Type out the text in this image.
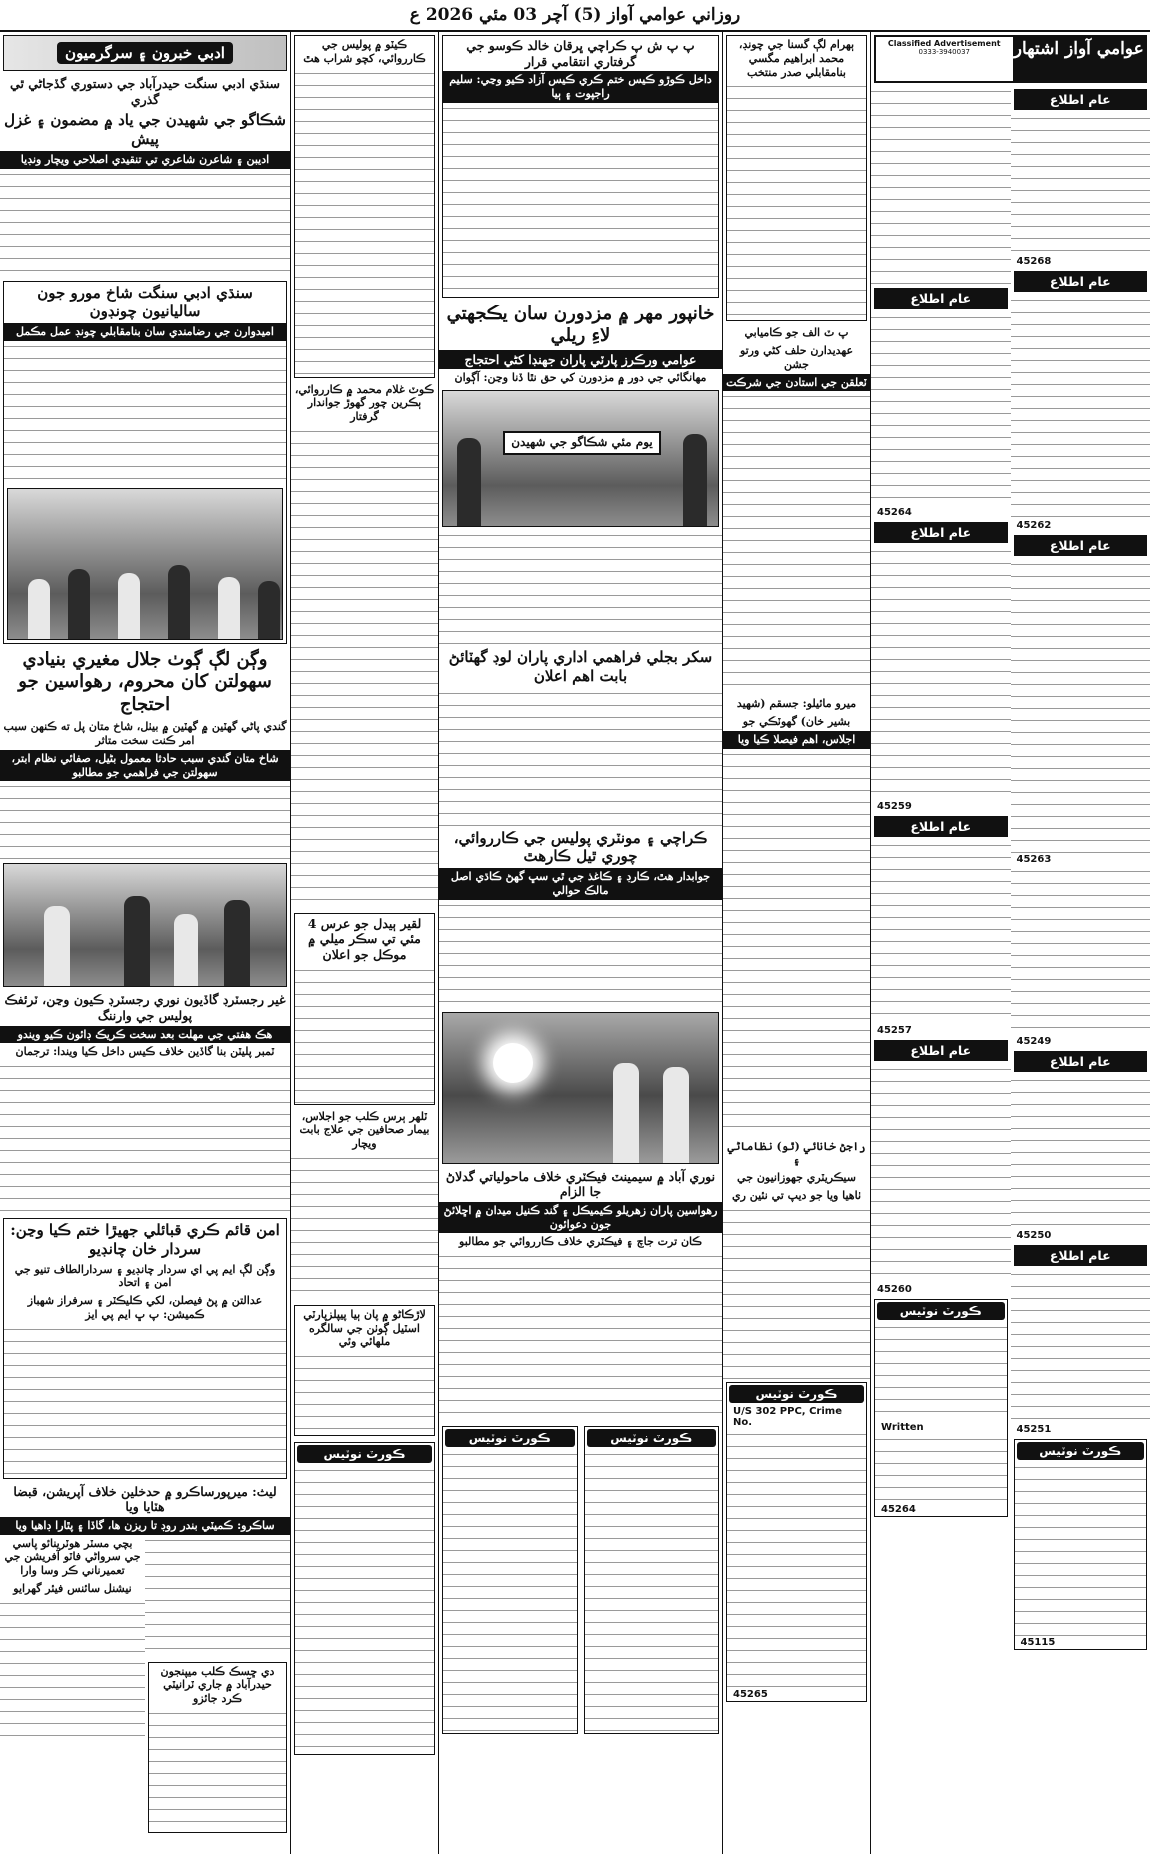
روزاني عوامي آواز (5) آچر 03 مئي 2026 ع
ادبي خبرون ۽ سرگرميون
سنڌي ادبي سنگت حيدرآباد جي دستوري گڏجاڻي ٿي گذري
شڪاگو جي شهيدن جي ياد ۾ مضمون ۽ غزل پيش
اديبن ۽ شاعرن شاعري تي تنقيدي اصلاحي ويچار ونڊيا
سنڌي ادبي سنگت شاخ مورو جون ساليانيون چونڊون
اميدوارن جي رضامندي سان بنامقابلي چونڊ عمل مڪمل
وڳن لڳ ڳوٺ جلال مغيري بنيادي سهولتن کان محروم، رهواسين جو احتجاج
گندي پاڻي گهٽين ۾ گهٽين ۾ بيٺل، شاخ متان پل ته ڪنهن سبب امر ڪنت سخت متاثر
شاخ متان گندي سبب حادثا معمول بڻيل، صفائي نظام ابتر، سهولتن جي فراهمي جو مطالبو
غير رجسٽرڊ گاڏيون نوري رجسٽرڊ ڪيون وڃن، ٽرئفڪ پوليس جي وارننگ
هڪ هفتي جي مهلت بعد سخت ڪريڪ ڊائون ڪيو ويندو
ٽمبر پليٽن بنا گاڏين خلاف ڪيس داخل ڪيا ويندا: ترجمان
امن قائم ڪري قبائلي جهيڙا ختم ڪيا وڃن: سردار خان چانڊيو
وڳن لڳ ايم پي اي سردار چانڊيو ۽ سردارالطاف تنيو جي امن ۽ اتحاد
عدالتن ۾ پڻ فيصلن، لکي ڪليڪٽر ۽ سرفراز شهباز ڪميشن: پ ڀ ايم پي ايز
ليث: ميرپورساڪرو ۾ حدخلين خلاف آپريشن، قبضا هٽايا ويا
ساڪرو: ڪميٽي بندر روڊ تا ريزن ها، گاڏا ۽ پٿارا ڊاهيا ويا
دي ڇسڪ ڪلب ميپنجون حيدرآباد ۾ جاري ٽرانيٽي ڪرد جائزو
بچي مسٽر هوٽرينائو پاسي جي سرواڻي فاٽو آفريشن جي تعميرناني ڪر وسا وارا
نيشنل سائنس فيئر گهرايو
ڪيٽو ۾ پوليس جي ڪارروائي، کچو شراب هٿ
ڪوٽ غلام محمد ۾ ڪارروائي، ٻڪرين چور گهوڙ جواندار گرفتار
لقير ٻيدل جو عرس 4 مئي تي سڪر ميلي ۾ موڪل جو اعلان
ٽلهر ٻرس ڪلب جو اجلاس، بيمار صحافين جي علاج بابت ويچار
لاڙڪاڻو ۾ پان ٻيا پيپلزپارٽي اسٽيل ڳوٺن جي سالگره ملهائي وئي
ڪورٽ نوٽيس
پ پ ش پ ڪراچي ڀرقان خالد ڪوسو جي گرفتاري انتقامي قرار
داخل ڪوڙو ڪيس ختم ڪري ڪيس آزاد ڪيو وڃي: سليم راجپوت ۽ ٻيا
خانپور مهر ۾ مزدورن سان يڪجهتي لاءِ ريلي
عوامي ورڪرز پارٽي پاران جهنڊا کڻي احتجاج
مهانگائي جي دور ۾ مزدورن کي حق نٿا ڏنا وڃن: آڳوان
يوم مئي شڪاگو جي شهيدن
سکر بجلي فراهمي اداري پاران لوڊ گهٽائڻ بابت اهم اعلان
ڪراچي ۽ مونٽري پوليس جي ڪارروائي، چوري ٿيل ڪارهٿ
جوابدار هٿ، ڪارڊ ۽ ڪاغذ جي ٿي سڀ گهڻ ڪاڌي اصل مالڪ حوالي
نوري آباد ۾ سيمينٽ فيڪٽري خلاف ماحولياتي گدلاڻ جا الزام
رهواسين پاران زهريلو ڪيميڪل ۽ گند ڪنيل ميدان ۾ اڇلائڻ جون دعوائون
ڪان ترت جاچ ۽ فيڪٽري خلاف ڪارروائي جو مطالبو
ڪورٽ نوٽيس
ڪورٽ نوٽيس
ٻهرام لڳ گسنا جي چونڊ، محمد ابراهيم مگسي بنامقابلي صدر منتخب
پ ٽ الف جو ڪاميابي
عهديدارن حلف کڻي ورتو جشن
ٽعلقن جي استادن جي شرڪت
ميرو مائيلو: جسقم (شهيد
بشير خان) گهوٽڪي جو
اجلاس، اهم فيصلا ڪيا ويا
راجڻ خانائي (ٿو) نظاماڻي ۽
سيڪريٽري جهوزانيون جي
ٺاهيا ويا جو ديپ تي نئين ري
ڪورٽ نوٽيس
U/S 302 PPC, Crime No.
45265
Classified Advertisement
0333-3940037	عوامي آواز اشتهار
عام اطلاع
45268
عام اطلاع
45262
عام اطلاع
45263
45249
عام اطلاع
45250
عام اطلاع
45251
ڪورٽ نوٽيس
45115
عام اطلاع
45264
عام اطلاع
45259
عام اطلاع
45257
عام اطلاع
45260
ڪورٽ نوٽيس
Written
45264
